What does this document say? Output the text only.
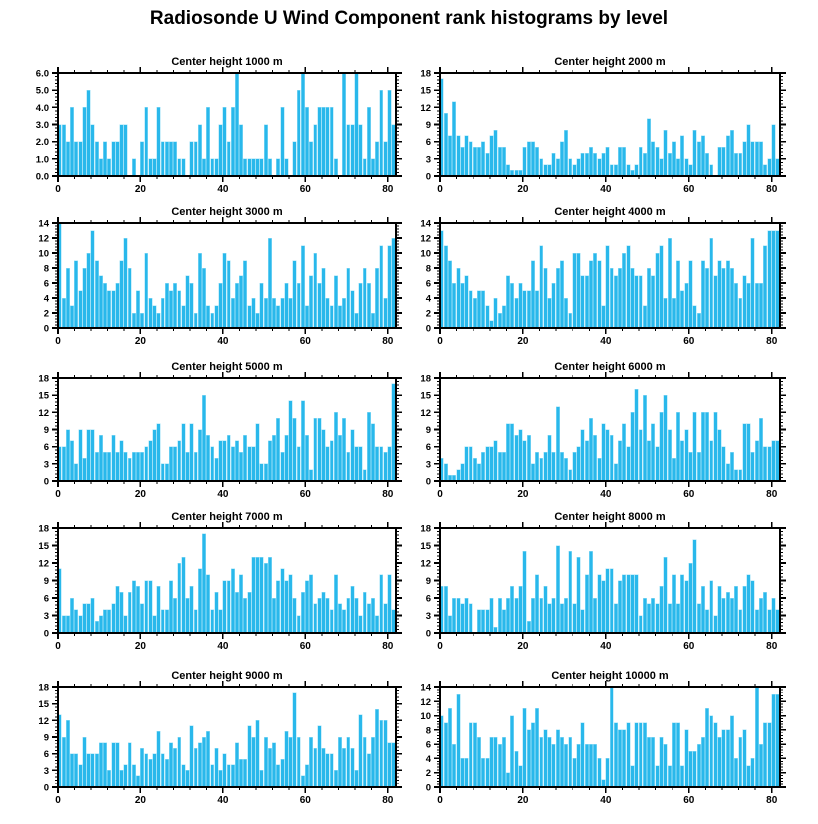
Radiosonde U Wind Component rank histograms by level
0.0
1.0
2.0
3.0
4.0
5.0
6.0
0	20	40	60	80
Center height 1000 m
0
3
6
9
12
15
18
0	20	40	60	80
Center height 2000 m
0
2
4
6
8
10
12
14
0	20	40	60	80
Center height 3000 m
0
2
4
6
8
10
12
14
0	20	40	60	80
Center height 4000 m
0
3
6
9
12
15
18
0	20	40	60	80
Center height 5000 m
0
3
6
9
12
15
18
0	20	40	60	80
Center height 6000 m
0
3
6
9
12
15
18
0	20	40	60	80
Center height 7000 m
0
3
6
9
12
15
18
0	20	40	60	80
Center height 8000 m
0
3
6
9
12
15
18
0	20	40	60	80
Center height 9000 m
0
2
4
6
8
10
12
14
0	20	40	60	80
Center height 10000 m
